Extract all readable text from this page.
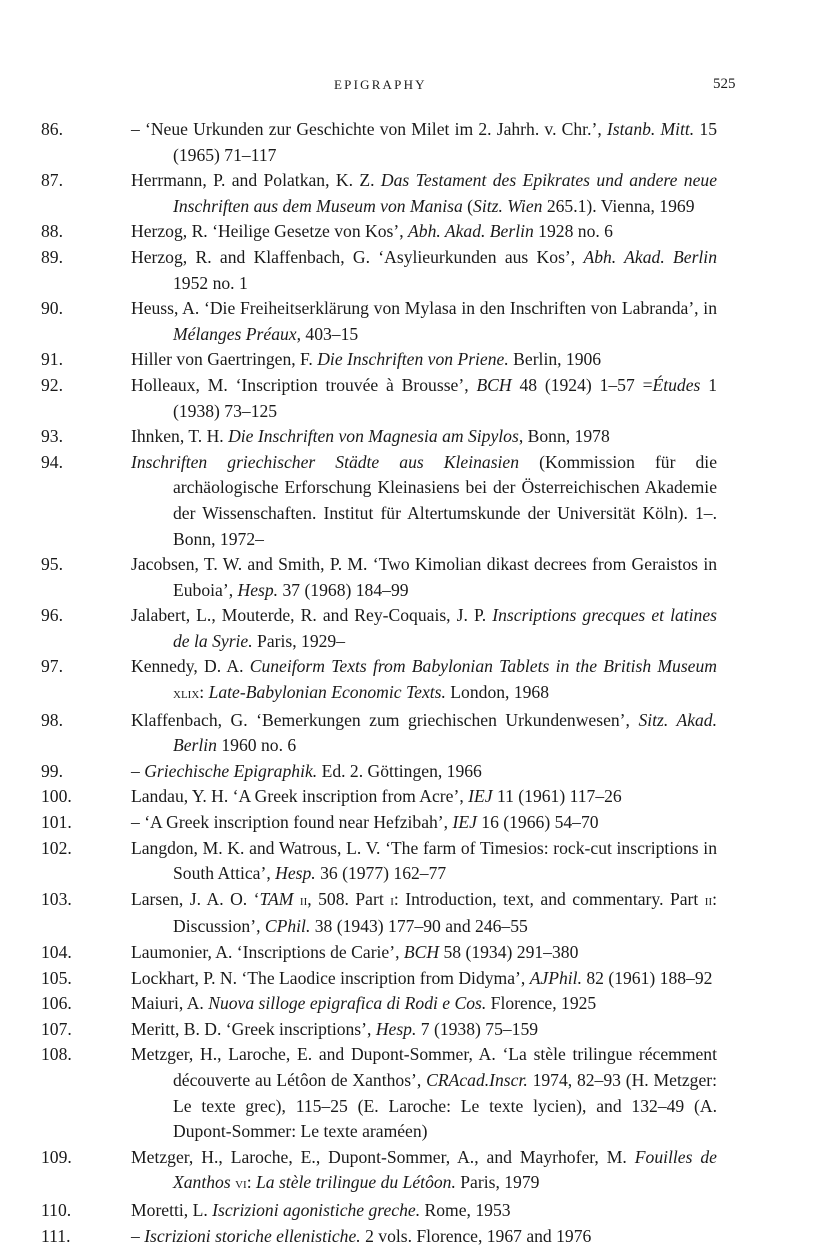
EPIGRAPHY	525
86.	– ‘Neue Urkunden zur Geschichte von Milet im 2. Jahrh. v. Chr.’, Istanb. Mitt. 15 (1965) 71–117
87.	Herrmann, P. and Polatkan, K. Z. Das Testament des Epikrates und andere neue Inschriften aus dem Museum von Manisa (Sitz. Wien 265.1). Vienna, 1969
88.	Herzog, R. ‘Heilige Gesetze von Kos’, Abh. Akad. Berlin 1928 no. 6
89.	Herzog, R. and Klaffenbach, G. ‘Asylieurkunden aus Kos’, Abh. Akad. Berlin 1952 no. 1
90.	Heuss, A. ‘Die Freiheitserklärung von Mylasa in den Inschriften von Labranda’, in Mélanges Préaux, 403–15
91.	Hiller von Gaertringen, F. Die Inschriften von Priene. Berlin, 1906
92.	Holleaux, M. ‘Inscription trouvée à Brousse’, BCH 48 (1924) 1–57 =Études 1 (1938) 73–125
93.	Ihnken, T. H. Die Inschriften von Magnesia am Sipylos, Bonn, 1978
94.	Inschriften griechischer Städte aus Kleinasien (Kommission für die archäologische Erforschung Kleinasiens bei der Österreichischen Akademie der Wissenschaften. Institut für Altertumskunde der Universität Köln). 1–. Bonn, 1972–
95.	Jacobsen, T. W. and Smith, P. M. ‘Two Kimolian dikast decrees from Geraistos in Euboia’, Hesp. 37 (1968) 184–99
96.	Jalabert, L., Mouterde, R. and Rey-Coquais, J. P. Inscriptions grecques et latines de la Syrie. Paris, 1929–
97.	Kennedy, D. A. Cuneiform Texts from Babylonian Tablets in the British Museum xlix: Late-Babylonian Economic Texts. London, 1968
98.	Klaffenbach, G. ‘Bemerkungen zum griechischen Urkundenwesen’, Sitz. Akad. Berlin 1960 no. 6
99.	– Griechische Epigraphik. Ed. 2. Göttingen, 1966
100.	Landau, Y. H. ‘A Greek inscription from Acre’, IEJ 11 (1961) 117–26
101.	– ‘A Greek inscription found near Hefzibah’, IEJ 16 (1966) 54–70
102.	Langdon, M. K. and Watrous, L. V. ‘The farm of Timesios: rock-cut inscriptions in South Attica’, Hesp. 36 (1977) 162–77
103.	Larsen, J. A. O. ‘TAM ii, 508. Part i: Introduction, text, and commentary. Part ii: Discussion’, CPhil. 38 (1943) 177–90 and 246–55
104.	Laumonier, A. ‘Inscriptions de Carie’, BCH 58 (1934) 291–380
105.	Lockhart, P. N. ‘The Laodice inscription from Didyma’, AJPhil. 82 (1961) 188–92
106.	Maiuri, A. Nuova silloge epigrafica di Rodi e Cos. Florence, 1925
107.	Meritt, B. D. ‘Greek inscriptions’, Hesp. 7 (1938) 75–159
108.	Metzger, H., Laroche, E. and Dupont-Sommer, A. ‘La stèle trilingue récemment découverte au Létôon de Xanthos’, CRAcad.Inscr. 1974, 82–93 (H. Metzger: Le texte grec), 115–25 (E. Laroche: Le texte lycien), and 132–49 (A. Dupont-Sommer: Le texte araméen)
109.	Metzger, H., Laroche, E., Dupont-Sommer, A., and Mayrhofer, M. Fouilles de Xanthos vi: La stèle trilingue du Létôon. Paris, 1979
110.	Moretti, L. Iscrizioni agonistiche greche. Rome, 1953
111.	– Iscrizioni storiche ellenistiche. 2 vols. Florence, 1967 and 1976
